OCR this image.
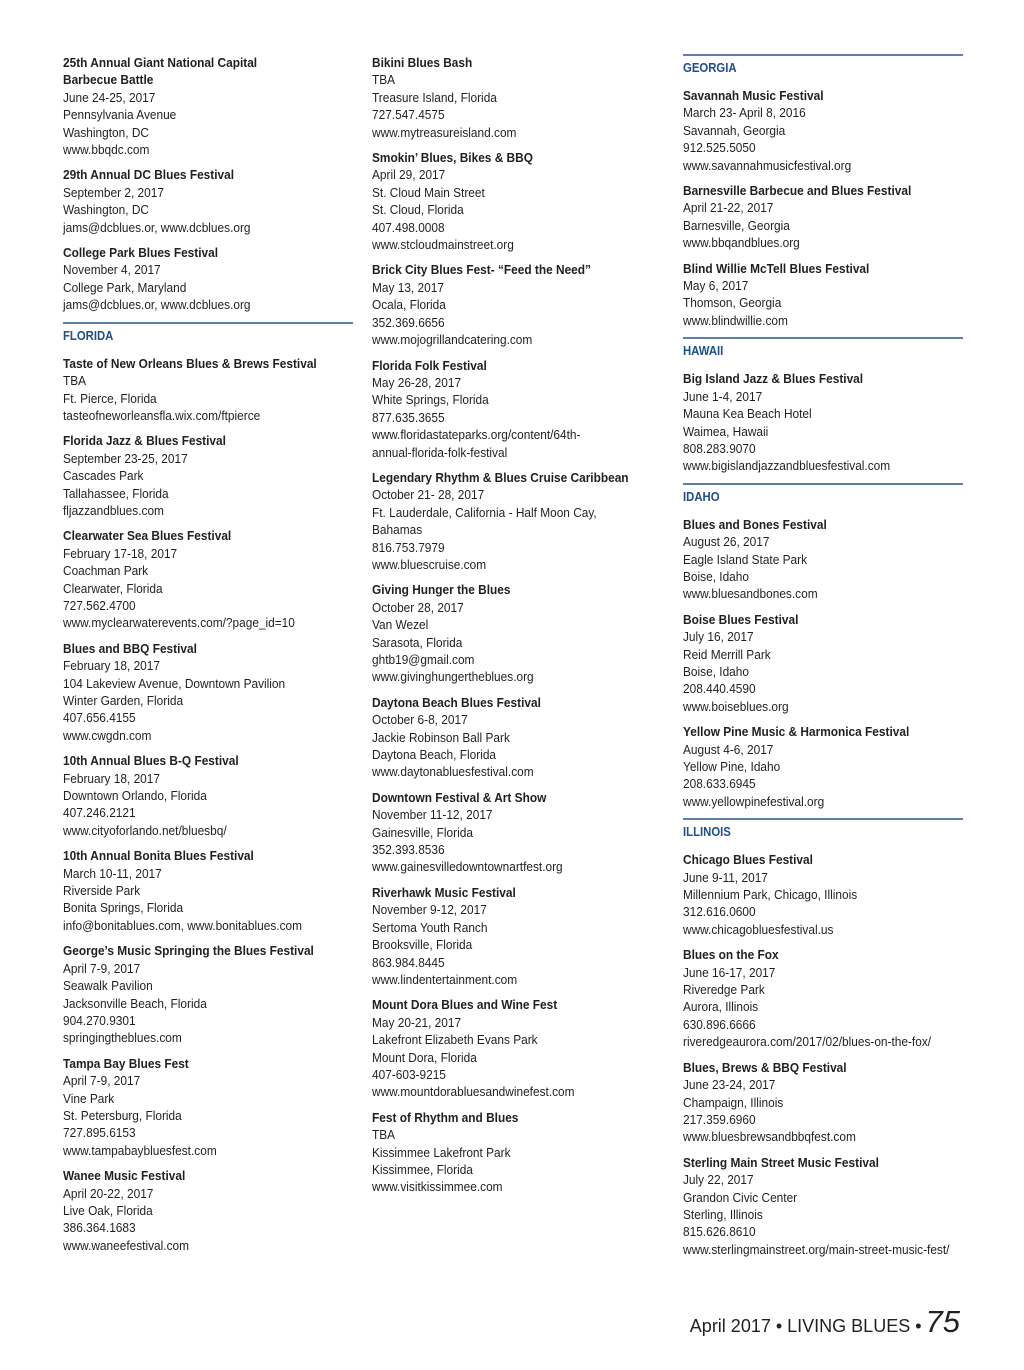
25th Annual Giant National Capital
Barbecue Battle
June 24-25, 2017
Pennsylvania Avenue
Washington, DC
www.bbqdc.com
29th Annual DC Blues Festival
September 2, 2017
Washington, DC
jams@dcblues.or, www.dcblues.org
College Park Blues Festival
November 4, 2017
College Park, Maryland
jams@dcblues.or, www.dcblues.org
FLORIDA
Taste of New Orleans Blues & Brews Festival
TBA
Ft. Pierce, Florida
tasteofneworleansfla.wix.com/ftpierce
Florida Jazz & Blues Festival
September 23-25, 2017
Cascades Park
Tallahassee, Florida
fljazzandblues.com
Clearwater Sea Blues Festival
February 17-18, 2017
Coachman Park
Clearwater, Florida
727.562.4700
www.myclearwaterevents.com/?page_id=10
Blues and BBQ Festival
February 18, 2017
104 Lakeview Avenue, Downtown Pavilion
Winter Garden, Florida
407.656.4155
www.cwgdn.com
10th Annual Blues B-Q Festival
February 18, 2017
Downtown Orlando, Florida
407.246.2121
www.cityoforlando.net/bluesbq/
10th Annual Bonita Blues Festival
March 10-11, 2017
Riverside Park
Bonita Springs, Florida
info@bonitablues.com, www.bonitablues.com
George’s Music Springing the Blues Festival
April 7-9, 2017
Seawalk Pavilion
Jacksonville Beach, Florida
904.270.9301
springingtheblues.com
Tampa Bay Blues Fest
April 7-9, 2017
Vine Park
St. Petersburg, Florida
727.895.6153
www.tampabaybluesfest.com
Wanee Music Festival
April 20-22, 2017
Live Oak, Florida
386.364.1683
www.waneefestival.com
Bikini Blues Bash
TBA
Treasure Island, Florida
727.547.4575
www.mytreasureisland.com
Smokin’ Blues, Bikes & BBQ
April 29, 2017
St. Cloud Main Street
St. Cloud, Florida
407.498.0008
www.stcloudmainstreet.org
Brick City Blues Fest- “Feed the Need”
May 13, 2017
Ocala, Florida
352.369.6656
www.mojogrillandcatering.com
Florida Folk Festival
May 26-28, 2017
White Springs, Florida
877.635.3655
www.floridastateparks.org/content/64th-
annual-florida-folk-festival
Legendary Rhythm & Blues Cruise Caribbean
October 21- 28, 2017
Ft. Lauderdale, California - Half Moon Cay,
Bahamas
816.753.7979
www.bluescruise.com
Giving Hunger the Blues
October 28, 2017
Van Wezel
Sarasota, Florida
ghtb19@gmail.com
www.givinghungertheblues.org
Daytona Beach Blues Festival
October 6-8, 2017
Jackie Robinson Ball Park
Daytona Beach, Florida
www.daytonabluesfestival.com
Downtown Festival & Art Show
November 11-12, 2017
Gainesville, Florida
352.393.8536
www.gainesvilledowntownartfest.org
Riverhawk Music Festival
November 9-12, 2017
Sertoma Youth Ranch
Brooksville, Florida
863.984.8445
www.lindentertainment.com
Mount Dora Blues and Wine Fest
May 20-21, 2017
Lakefront Elizabeth Evans Park
Mount Dora, Florida
407-603-9215
www.mountdorabluesandwinefest.com
Fest of Rhythm and Blues
TBA
Kissimmee Lakefront Park
Kissimmee, Florida
www.visitkissimmee.com
GEORGIA
Savannah Music Festival
March 23- April 8, 2016
Savannah, Georgia
912.525.5050
www.savannahmusicfestival.org
Barnesville Barbecue and Blues Festival
April 21-22, 2017
Barnesville, Georgia
www.bbqandblues.org
Blind Willie McTell Blues Festival
May 6, 2017
Thomson, Georgia
www.blindwillie.com
HAWAII
Big Island Jazz & Blues Festival
June 1-4, 2017
Mauna Kea Beach Hotel
Waimea, Hawaii
808.283.9070
www.bigislandjazzandbluesfestival.com
IDAHO
Blues and Bones Festival
August 26, 2017
Eagle Island State Park
Boise, Idaho
www.bluesandbones.com
Boise Blues Festival
July 16, 2017
Reid Merrill Park
Boise, Idaho
208.440.4590
www.boiseblues.org
Yellow Pine Music & Harmonica Festival
August 4-6, 2017
Yellow Pine, Idaho
208.633.6945
www.yellowpinefestival.org
ILLINOIS
Chicago Blues Festival
June 9-11, 2017
Millennium Park, Chicago, Illinois
312.616.0600
www.chicagobluesfestival.us
Blues on the Fox
June 16-17, 2017
Riveredge Park
Aurora, Illinois
630.896.6666
riveredgeaurora.com/2017/02/blues-on-the-fox/
Blues, Brews & BBQ Festival
June 23-24, 2017
Champaign, Illinois
217.359.6960
www.bluesbrewsandbbqfest.com
Sterling Main Street Music Festival
July 22, 2017
Grandon Civic Center
Sterling, Illinois
815.626.8610
www.sterlingmainstreet.org/main-street-music-fest/
April 2017 • LIVING BLUES • 75
